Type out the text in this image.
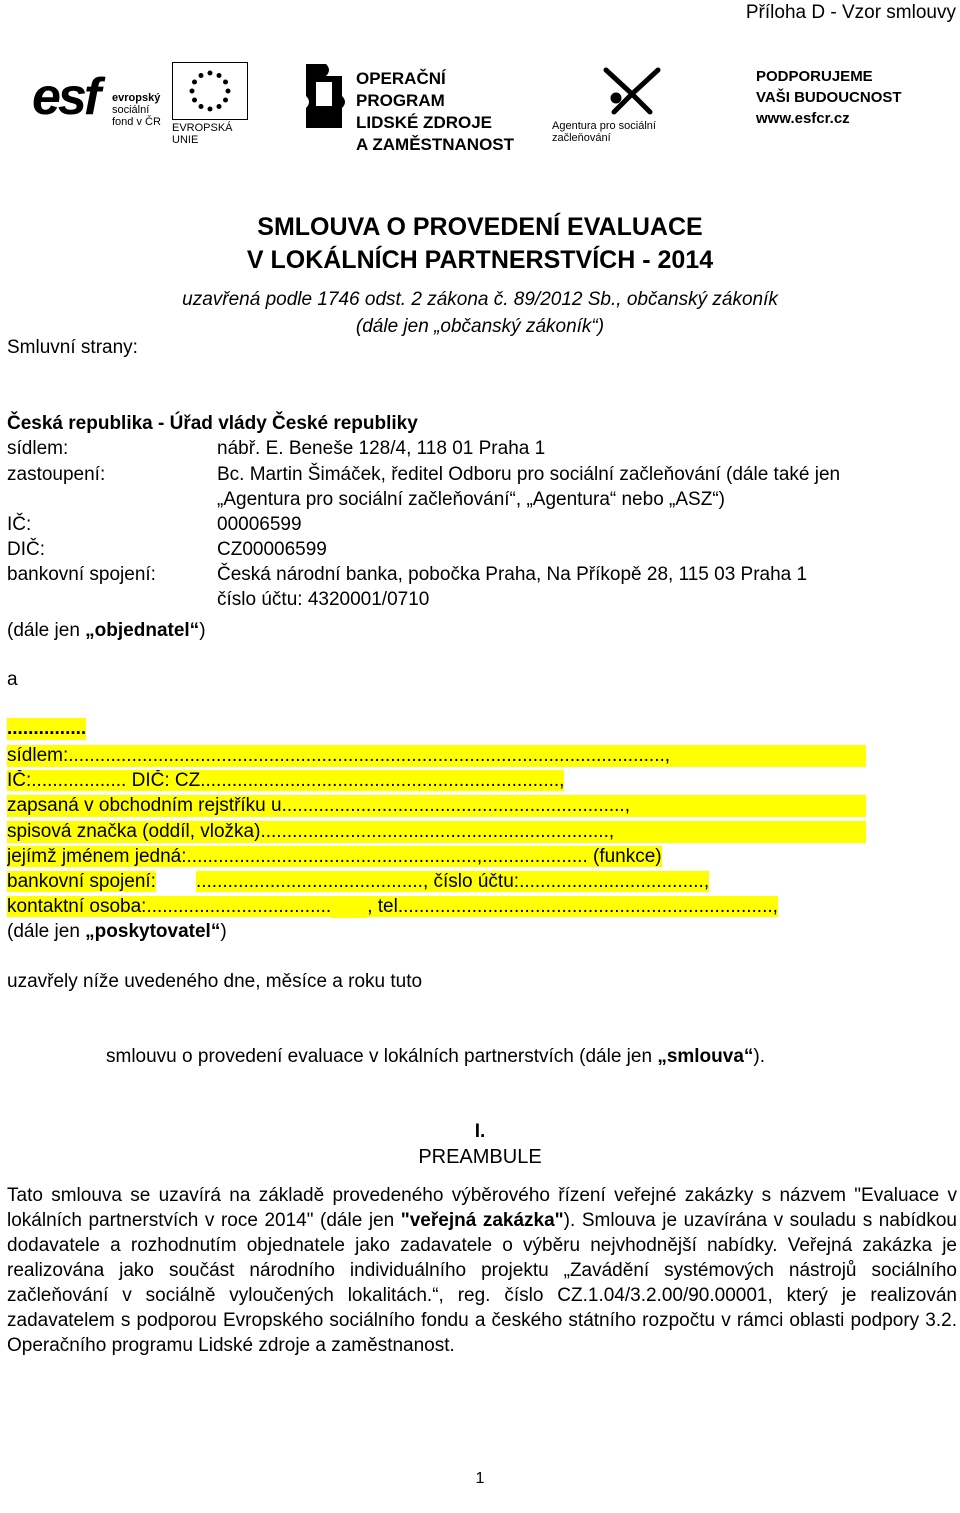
Příloha D - Vzor smlouvy
esf	evropský
sociální
fond v ČR EVROPSKÁ UNIE
OPERAČNÍ PROGRAM
LIDSKÉ ZDROJE
A ZAMĚSTNANOST
Agentura pro sociální začleňování
PODPORUJEME
VAŠI BUDOUCNOST
www.esfcr.cz
SMLOUVA O PROVEDENÍ EVALUACE
V LOKÁLNÍCH PARTNERSTVÍCH - 2014
uzavřená podle 1746 odst. 2 zákona č. 89/2012 Sb., občanský zákoník
(dále jen „občanský zákoník“)
Smluvní strany:
Česká republika - Úřad vlády České republiky
sídlem:	nábř. E. Beneše 128/4, 118 01 Praha 1
zastoupení:	Bc. Martin Šimáček, ředitel Odboru pro sociální začleňování (dále také jen
„Agentura pro sociální začleňování“, „Agentura“ nebo „ASZ“)
IČ:	00006599
DIČ:	CZ00006599
bankovní spojení:	Česká národní banka, pobočka Praha, Na Příkopě 28, 115 03 Praha 1
číslo účtu: 4320001/0710
(dále jen „objednatel“)
a
...............
sídlem:.................................................................................................................,
IČ:.................. DIČ: CZ....................................................................,
zapsaná v obchodním rejstříku u.................................................................,
spisová značka (oddíl, vložka)..................................................................,
jejímž jménem jedná:.......................................................,.................... (funkce)
bankovní spojení: ..........................................., číslo účtu:...................................,
kontaktní osoba:................................... , tel.......................................................................,
(dále jen „poskytovatel“)
uzavřely níže uvedeného dne, měsíce a roku tuto
smlouvu o provedení evaluace v lokálních partnerstvích (dále jen „smlouva“).
I.
PREAMBULE
Tato smlouva se uzavírá na základě provedeného výběrového řízení veřejné zakázky s názvem "Evaluace v lokálních partnerstvích v roce 2014" (dále jen "veřejná zakázka"). Smlouva je uzavírána v souladu s nabídkou dodavatele a rozhodnutím objednatele jako zadavatele o výběru nejvhodnější nabídky. Veřejná zakázka je realizována jako součást národního individuálního projektu „Zavádění systémových nástrojů sociálního začleňování v sociálně vyloučených lokalitách.“, reg. číslo CZ.1.04/3.2.00/90.00001, který je realizován zadavatelem s podporou Evropského sociálního fondu a českého státního rozpočtu v rámci oblasti podpory 3.2. Operačního programu Lidské zdroje a zaměstnanost.
1
